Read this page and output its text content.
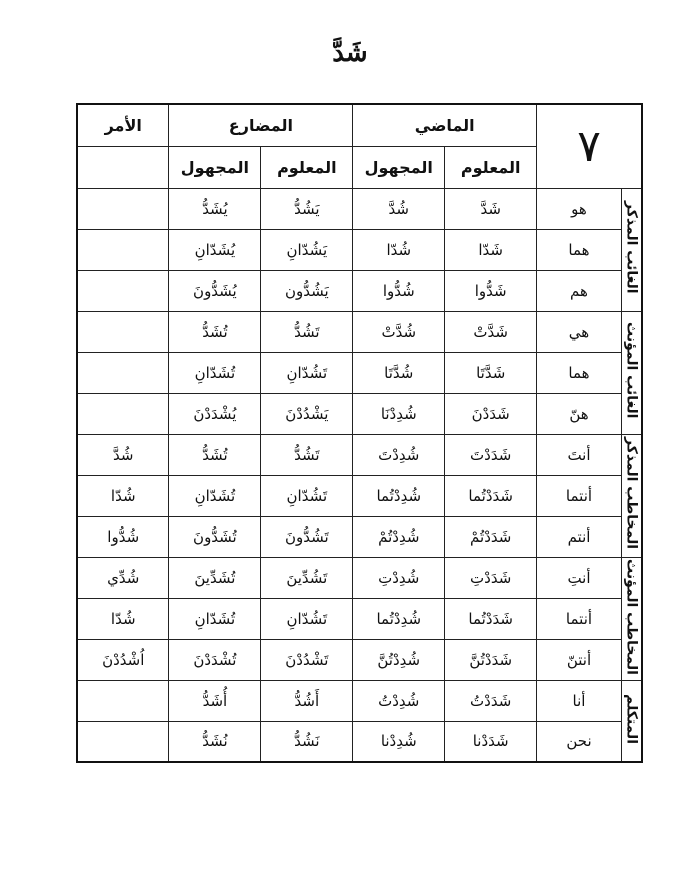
شَدَّ
٧		الماضي		المضارع		الأمر
		المعلوم	المجهول	المعلوم	المجهول	
الغائب المذكر	هو	شَدَّ	شُدَّ	يَشُدُّ	يُشَدُّ	
	هما	شَدّا	شُدّا	يَشُدّانِ	يُشَدّانِ	
	هم	شَدُّوا	شُدُّوا	يَشُدُّون	يُشَدُّونَ	
الغائب المؤنث	هي	شَدَّتْ	شُدَّتْ	تَشُدُّ	تُشَدُّ	
	هما	شَدَّتَا	شُدَّتَا	تَشُدّانِ	تُشَدّانِ	
	هنّ	شَدَدْنَ	شُدِدْنَا	يَشْدُدْنَ	يُشْدَدْنَ	
المخاطب المذكر	أنتَ	شَدَدْتَ	شُدِدْتَ	تَشُدُّ	تُشَدُّ	شُدَّ
	أنتما	شَدَدْتُما	شُدِدْتُما	تَشُدّانِ	تُشَدّانِ	شُدّا
	أنتم	شَدَدْتُمْ	شُدِدْتُمْ	تَشُدُّونَ	تُشَدُّونَ	شُدُّوا
المخاطب المؤنث	أنتِ	شَدَدْتِ	شُدِدْتِ	تَشُدِّينَ	تُشَدِّينَ	شُدِّي
	أنتما	شَدَدْتُما	شُدِدْتُما	تَشُدّانِ	تُشَدّانِ	شُدّا
	أنتنّ	شَدَدْتُنَّ	شُدِدْتُنَّ	تَشْدُدْنَ	تُشْدَدْنَ	اُشْدُدْنَ
المتكلم	أنا	شَدَدْتُ	شُدِدْتُ	أَشُدُّ	أُشَدُّ	
	نحن	شَدَدْنا	شُدِدْنا	نَشُدُّ	نُشَدُّ	
